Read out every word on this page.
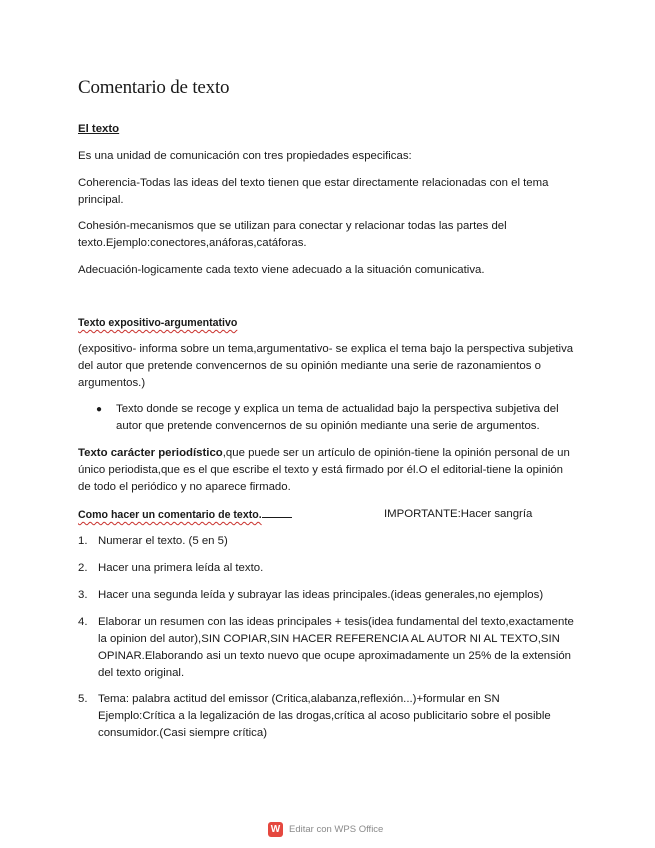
Comentario de texto
El texto

Es una unidad de comunicación con tres propiedades especificas:

Coherencia-Todas las ideas del texto tienen que estar directamente relacionadas con el tema principal.

Cohesión-mecanismos que se utilizan para conectar y relacionar todas las partes del texto.Ejemplo:conectores,anáforas,catáforas.

Adecuación-logicamente cada texto viene adecuado a la situación comunicativa.

Texto expositivo-argumentativo

(expositivo- informa sobre un tema,argumentativo- se explica el tema bajo la perspectiva subjetiva del autor que pretende convencernos de su opinión mediante una serie de razonamientos o argumentos.)

●	Texto donde se recoge y explica un tema de actualidad bajo la perspectiva subjetiva del autor que pretende convencernos de su opinión mediante una serie de argumentos.

Texto carácter periodístico,que puede ser un artículo de opinión-tiene la opinión personal de un único periodista,que es el que escribe el texto y está firmado por él.O el editorial-tiene la opinión de todo el periódico y no aparece firmado.

Como hacer un comentario de texto.	IMPORTANTE:Hacer sangría
1. Numerar el texto. (5 en 5)
2. Hacer una primera leída al texto.
3. Hacer una segunda leída y subrayar las ideas principales.(ideas generales,no ejemplos)
4. Elaborar un resumen con las ideas principales + tesis(idea fundamental del texto,exactamente la opinion del autor),SIN COPIAR,SIN HACER REFERENCIA AL AUTOR NI AL TEXTO,SIN OPINAR.Elaborando asi un texto nuevo que ocupe aproximadamente un 25% de la extensión del texto original.
5. Tema: palabra actitud del emissor (Critica,alabanza,reflexión...)+formular en SN Ejemplo:Crítica a la legalización de las drogas,crítica al acoso publicitario sobre el posible consumidor.(Casi siempre crítica)
W Editar con WPS Office
